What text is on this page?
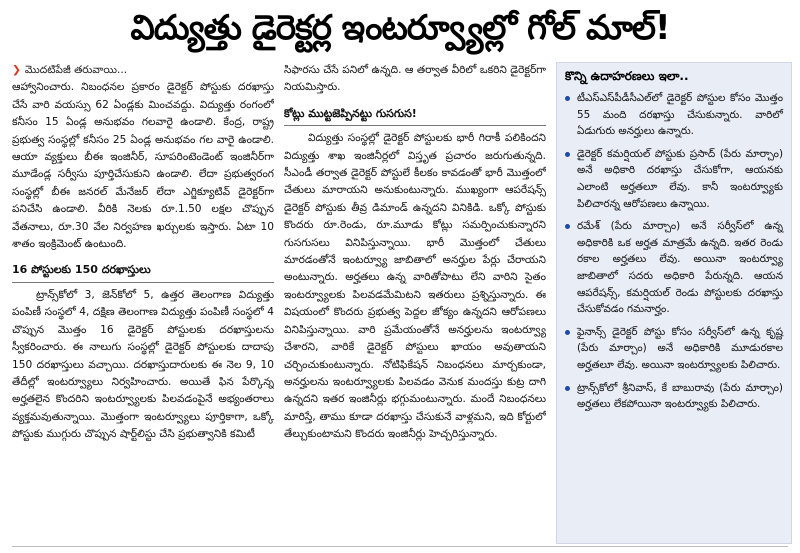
విద్యుత్తు డైరెక్టర్ల ఇంటర్వ్యూల్లో గోల్ మాల్!
❯ మొదటిపేజీ తరువాయి...

ఆహ్వానించారు. నిబంధనల ప్రకారం డైరెక్టర్ పోస్టుకు దరఖాస్తు చేసే వారి వయస్సు 62 ఏండ్లకు మించవద్దు. విద్యుత్తు రంగంలో కనీసం 15 ఏండ్ల అనుభవం గలవారై ఉండాలి. కేంద్ర, రాష్ట్ర ప్రభుత్వ సంస్థల్లో కనీసం 25 ఏండ్ల అనుభవం గల వారై ఉండాలి. ఆయా వ్యక్తులు బీఈ ఇంజినీర్, సూపరింటెండెంట్ ఇంజినీర్‌గా మూడేండ్ల సర్వీసు పూర్తిచేసుకుని ఉండాలి. లేదా ప్రభుత్వరంగ సంస్థల్లో బీఈ జనరల్ మేనేజర్ లేదా ఎగ్జిక్యూటివ్ డైరెక్టర్‌గా పనిచేసి ఉండాలి. వీరికి నెలకు రూ.1.50 లక్షల చొప్పున వేతనాలు, రూ.30 వేల నిర్వహణ ఖర్చులకు ఇస్తారు. ఏటా 10 శాతం ఇంక్రిమెంట్ ఉంటుంది.

16 పోస్టులకు 150 దరఖాస్తులు

ట్రాన్స్‌కోలో 3, జెన్‌కోలో 5, ఉత్తర తెలంగాణ విద్యుత్తు పంపిణీ సంస్థలో 4, దక్షిణ తెలంగాణ విద్యుత్తు పంపిణీ సంస్థలో 4 చొప్పున మొత్తం 16 డైరెక్టర్ పోస్టులకు దరఖాస్తులను స్వీకరించారు. ఈ నాలుగు సంస్థల్లో డైరెక్టర్ పోస్టులకు దాదాపు 150 దరఖాస్తులు వచ్చాయి. దరఖాస్తుదారులకు ఈ నెల 9, 10 తేదీల్లో ఇంటర్వ్యూలు నిర్వహించారు. అయితే ఫిన పేర్కొన్న అర్హతలైన కొందరిని ఇంటర్వ్యూలకు పిలవడంపైనే అభ్యంతరాలు వ్యక్తమవుతున్నాయి. మొత్తంగా ఇంటర్వ్యూలు పూర్తికాగా, ఒక్కో పోస్టుకు ముగ్గురు చొప్పున షార్ట్‌లిస్టు చేసి ప్రభుత్వానికి కమిటీ

సిఫారసు చేసే పనిలో ఉన్నది. ఆ తర్వాత వీరిలో ఒకరిని డైరెక్టర్‌గా నియమిస్తారు.

కోట్లు ముట్టజెప్పినట్టు గుసగుస!

విద్యుత్తు సంస్థల్లో డైరెక్టర్ పోస్టులకు భారీ గిరాకీ పలికిందని విద్యుత్తు శాఖ ఇంజినీర్లలో విస్తృత ప్రచారం జరుగుతున్నది. సీఎండీ తర్వాత డైరెక్టర్ పోస్టులే కీలకం కావడంతో భారీ మొత్తంలో చేతులు మారాయని అనుకుంటున్నారు. ముఖ్యంగా ఆపరేషన్స్ డైరెక్టర్ పోస్టుకు తీవ్ర డిమాండ్ ఉన్నదని వినికిడి. ఒక్కో పోస్టుకు కొందరు రూ.రెండు, రూ.మూడు కోట్లు సమర్పించుకున్నారని గుసగుసలు వినిపిస్తున్నాయి. భారీ మొత్తంలో చేతులు మారడంతోనే ఇంటర్వ్యూ జాబితాలో అనర్హుల పేర్లు చేరాయని అంటున్నారు. అర్హతలు ఉన్న వారితోపాటు లేని వారిని సైతం ఇంటర్వ్యూలకు పిలవడమేమిటని ఇతరులు ప్రశ్నిస్తున్నారు. ఈ విషయంలో కొందరు ప్రభుత్వ పెద్దల జోక్యం ఉన్నదని ఆరోపణలు వినిపిస్తున్నాయి. వారి ప్రమేయంతోనే అనర్హులను ఇంటర్వ్యూ చేశారని, వారికే డైరెక్టర్ పోస్టులు ఖాయం అవుతాయని చర్చించుకుంటున్నారు. నోటిఫికేషన్ నిబంధనలు మార్చకుండా, అనర్హులను ఇంటర్వ్యూలకు పిలవడం వెనుక మందస్తు కుట్ర దాగి ఉన్నదని ఇతర ఇంజినీర్లు భగ్గుమంటున్నారు. మందే నిబంధనలు మారిస్తే, తాము కూడా దరఖాస్తు చేసుకునే వాళ్లమని, ఇది కోర్టులో తేల్చుకుంటామని కొందరు ఇంజినీర్లు హెచ్చరిస్తున్నారు.

కొన్ని ఉదాహరణలు ఇలా..
టీఎస్ఎస్‌పీడీసీఎల్‌లో డైరెక్టర్ పోస్టుల కోసం మొత్తం 55 మంది దరఖాస్తు చేసుకున్నారు. వారిలో ఏడుగురు అనర్హులు ఉన్నారు.
డైరెక్టర్ కమర్షియల్ పోస్టుకు ప్రసాద్ (పేరు మార్చాం) అనే అధికారి దరఖాస్తు చేసుకోగా, ఆయనకు ఎలాంటి అర్హతలూ లేవు. కానీ ఇంటర్వ్యూకు పిలిచారన్న ఆరోపణలు ఉన్నాయి.
రమేశ్ (పేరు మార్చాం) అనే సర్వీస్‌లో ఉన్న అధికారికి ఒక అర్హత మాత్రమే ఉన్నది. ఇతర రెండు రకాల అర్హతలు లేవు. అయినా ఇంటర్వ్యూ జాబితాలో సదరు అధికారి పేరున్నది. ఆయన ఆపరేషన్స్, కమర్షియల్ రెండు పోస్టులకు దరఖాస్తు చేసుకోవడం గమనార్హం.
ఫైనాన్స్ డైరెక్టర్ పోస్టు కోసం సర్వీస్‌లో ఉన్న కృష్ణ (పేరు మార్చాం) అనే అధికారికి మూడురకాల అర్హతలూ లేవు. అయినా ఇంటర్వ్యూలకు పిలిచారు.
ట్రాన్స్‌కోలో శ్రీనివాస్, కే బాబురావు (పేరు మార్చాం) అర్హతలు లేకపోయినా ఇంటర్వ్యూకు పిలిచారు.
